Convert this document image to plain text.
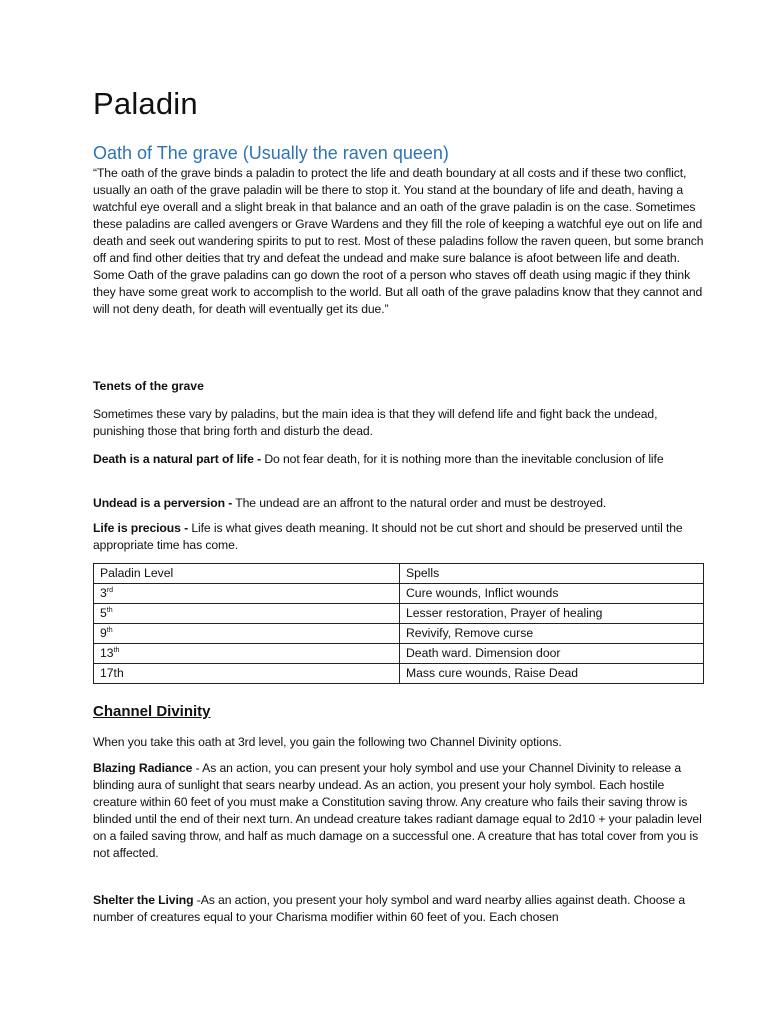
Paladin
Oath of The grave (Usually the raven queen)

“The oath of the grave binds a paladin to protect the life and death boundary at all costs and if these two conflict, usually an oath of the grave paladin will be there to stop it. You stand at the boundary of life and death, having a watchful eye overall and a slight break in that balance and an oath of the grave paladin is on the case. Sometimes these paladins are called avengers or Grave Wardens and they fill the role of keeping a watchful eye out on life and death and seek out wandering spirits to put to rest. Most of these paladins follow the raven queen, but some branch off and find other deities that try and defeat the undead and make sure balance is afoot between life and death. Some Oath of the grave paladins can go down the root of a person who staves off death using magic if they think they have some great work to accomplish to the world. But all oath of the grave paladins know that they cannot and will not deny death, for death will eventually get its due.”

Tenets of the grave

Sometimes these vary by paladins, but the main idea is that they will defend life and fight back the undead, punishing those that bring forth and disturb the dead.

Death is a natural part of life - Do not fear death, for it is nothing more than the inevitable conclusion of life

Undead is a perversion - The undead are an affront to the natural order and must be destroyed.

Life is precious - Life is what gives death meaning. It should not be cut short and should be preserved until the appropriate time has come.

Paladin Level	Spells
3rd	Cure wounds, Inflict wounds
5th	Lesser restoration, Prayer of healing
9th	Revivify, Remove curse
13th	Death ward. Dimension door
17th	Mass cure wounds, Raise Dead
Channel Divinity

When you take this oath at 3rd level, you gain the following two Channel Divinity options.

Blazing Radiance - As an action, you can present your holy symbol and use your Channel Divinity to release a blinding aura of sunlight that sears nearby undead. As an action, you present your holy symbol. Each hostile creature within 60 feet of you must make a Constitution saving throw. Any creature who fails their saving throw is blinded until the end of their next turn. An undead creature takes radiant damage equal to 2d10 + your paladin level on a failed saving throw, and half as much damage on a successful one. A creature that has total cover from you is not affected.

Shelter the Living -As an action, you present your holy symbol and ward nearby allies against death. Choose a number of creatures equal to your Charisma modifier within 60 feet of you. Each chosen
